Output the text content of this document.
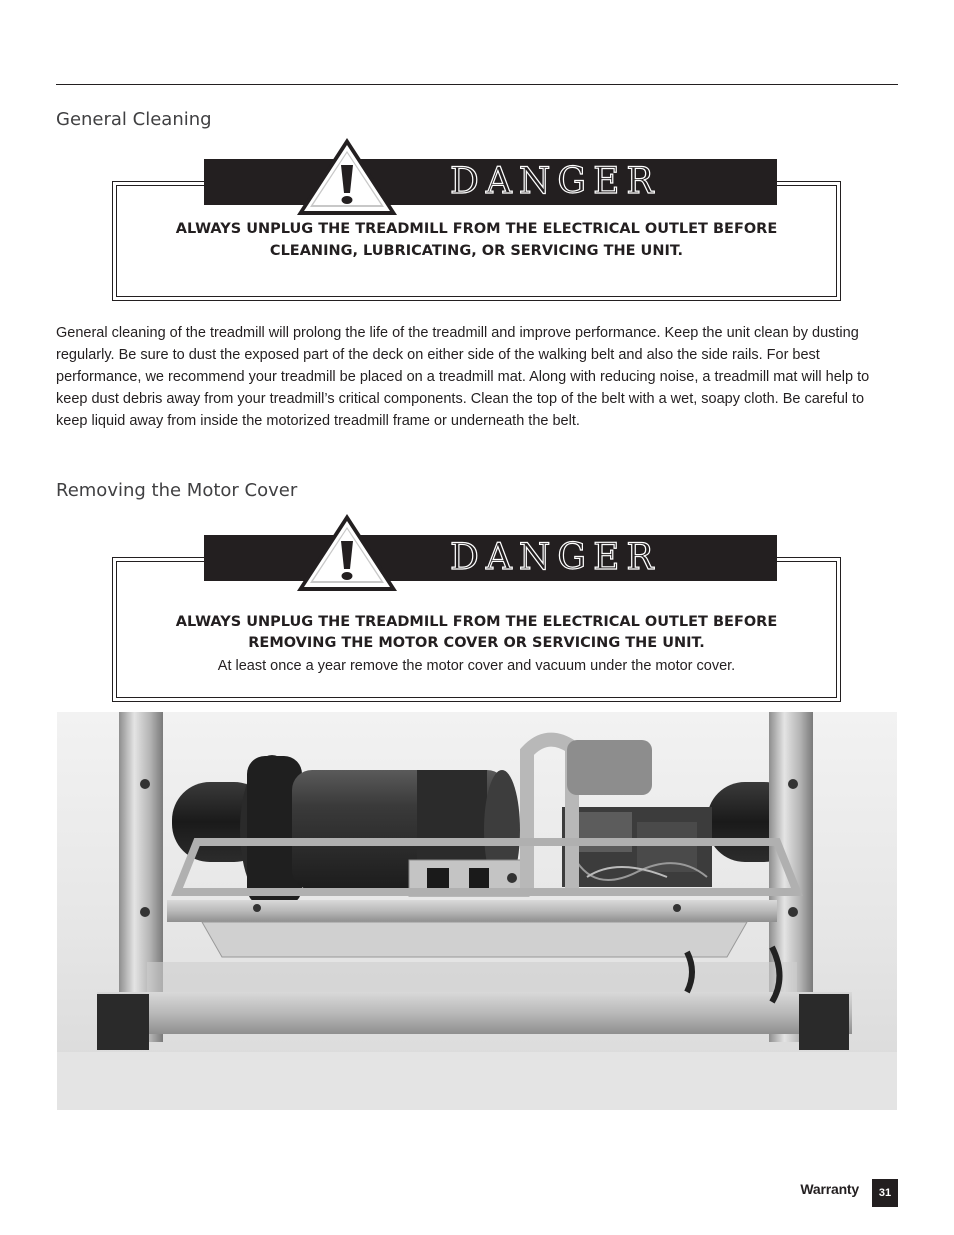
General Cleaning
DANGER
ALWAYS UNPLUG THE TREADMILL FROM THE ELECTRICAL OUTLET BEFORE
CLEANING, LUBRICATING, OR SERVICING THE UNIT.

General cleaning of the treadmill will prolong the life of the treadmill and improve performance. Keep the unit clean by dusting regularly. Be sure to dust the exposed part of the deck on either side of the walking belt and also the side rails. For best performance, we recommend your treadmill be placed on a treadmill mat. Along with reducing noise, a treadmill mat will help to keep dust debris away from your treadmill’s critical components. Clean the top of the belt with a wet, soapy cloth. Be careful to keep liquid away from inside the motorized treadmill frame or underneath the belt.

Removing the Motor Cover
DANGER
ALWAYS UNPLUG THE TREADMILL FROM THE ELECTRICAL OUTLET BEFORE
REMOVING THE MOTOR COVER OR SERVICING THE UNIT.
At least once a year remove the motor cover and vacuum under the motor cover.
Warranty	31
